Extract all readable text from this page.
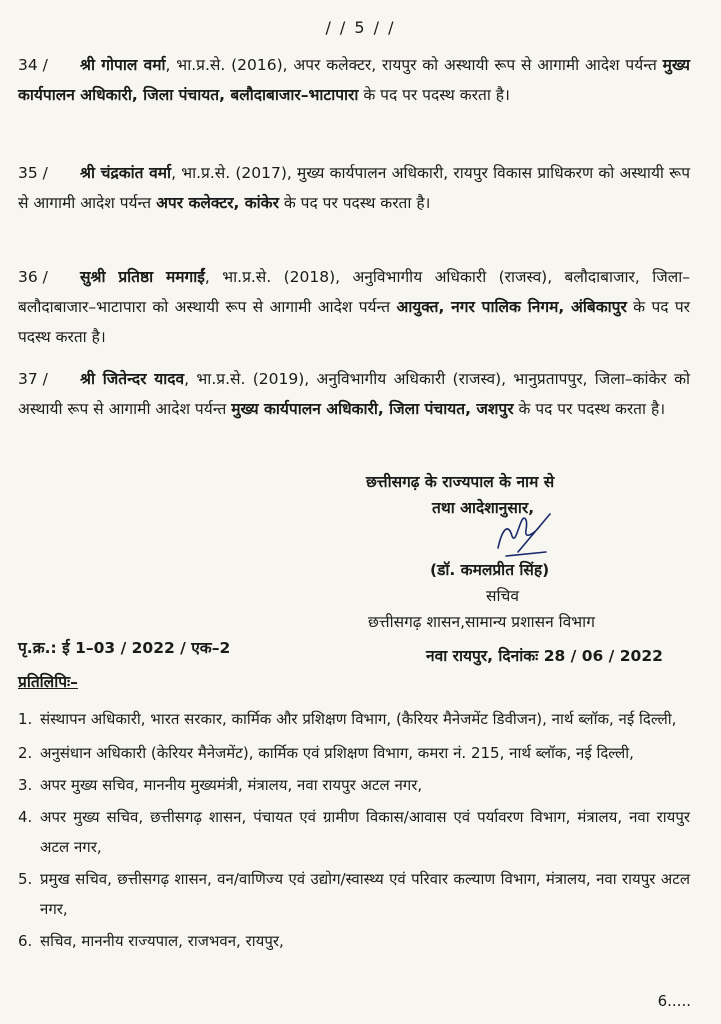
/ / 5 / /
34 / श्री गोपाल वर्मा, भा.प्र.से. (2016), अपर कलेक्टर, रायपुर को अस्थायी रूप से आगामी आदेश पर्यन्त मुख्य कार्यपालन अधिकारी, जिला पंचायत, बलौदाबाजार–भाटापारा के पद पर पदस्थ करता है।
35 / श्री चंद्रकांत वर्मा, भा.प्र.से. (2017), मुख्य कार्यपालन अधिकारी, रायपुर विकास प्राधिकरण को अस्थायी रूप से आगामी आदेश पर्यन्त अपर कलेक्टर, कांकेर के पद पर पदस्थ करता है।
36 / सुश्री प्रतिष्ठा ममगाईं, भा.प्र.से. (2018), अनुविभागीय अधिकारी (राजस्व), बलौदाबाजार, जिला–बलौदाबाजार–भाटापारा को अस्थायी रूप से आगामी आदेश पर्यन्त आयुक्त, नगर पालिक निगम, अंबिकापुर के पद पर पदस्थ करता है।
37 / श्री जितेन्दर यादव, भा.प्र.से. (2019), अनुविभागीय अधिकारी (राजस्व), भानुप्रतापपुर, जिला–कांकेर को अस्थायी रूप से आगामी आदेश पर्यन्त मुख्य कार्यपालन अधिकारी, जिला पंचायत, जशपुर के पद पर पदस्थ करता है।
छत्तीसगढ़ के राज्यपाल के नाम से
तथा आदेशानुसार,
(डॉ. कमलप्रीत सिंह)
सचिव
छत्तीसगढ़ शासन,सामान्य प्रशासन विभाग
पृ.क्र.: ई 1–03 / 2022 / एक–2	नवा रायपुर, दिनांकः 28 / 06 / 2022
प्रतिलिपिः–
1. संस्थापन अधिकारी, भारत सरकार, कार्मिक और प्रशिक्षण विभाग, (कैरियर मैनेजमेंट डिवीजन), नार्थ ब्लॉक, नई दिल्ली,
2. अनुसंधान अधिकारी (केरियर मैनेजमेंट), कार्मिक एवं प्रशिक्षण विभाग, कमरा नं. 215, नार्थ ब्लॉक, नई दिल्ली,
3. अपर मुख्य सचिव, माननीय मुख्यमंत्री, मंत्रालय, नवा रायपुर अटल नगर,
4. अपर मुख्य सचिव, छत्तीसगढ़ शासन, पंचायत एवं ग्रामीण विकास/आवास एवं पर्यावरण विभाग, मंत्रालय, नवा रायपुर अटल नगर,
5. प्रमुख सचिव, छत्तीसगढ़ शासन, वन/वाणिज्य एवं उद्योग/स्वास्थ्य एवं परिवार कल्याण विभाग, मंत्रालय, नवा रायपुर अटल नगर,
6. सचिव, माननीय राज्यपाल, राजभवन, रायपुर,
6.....
